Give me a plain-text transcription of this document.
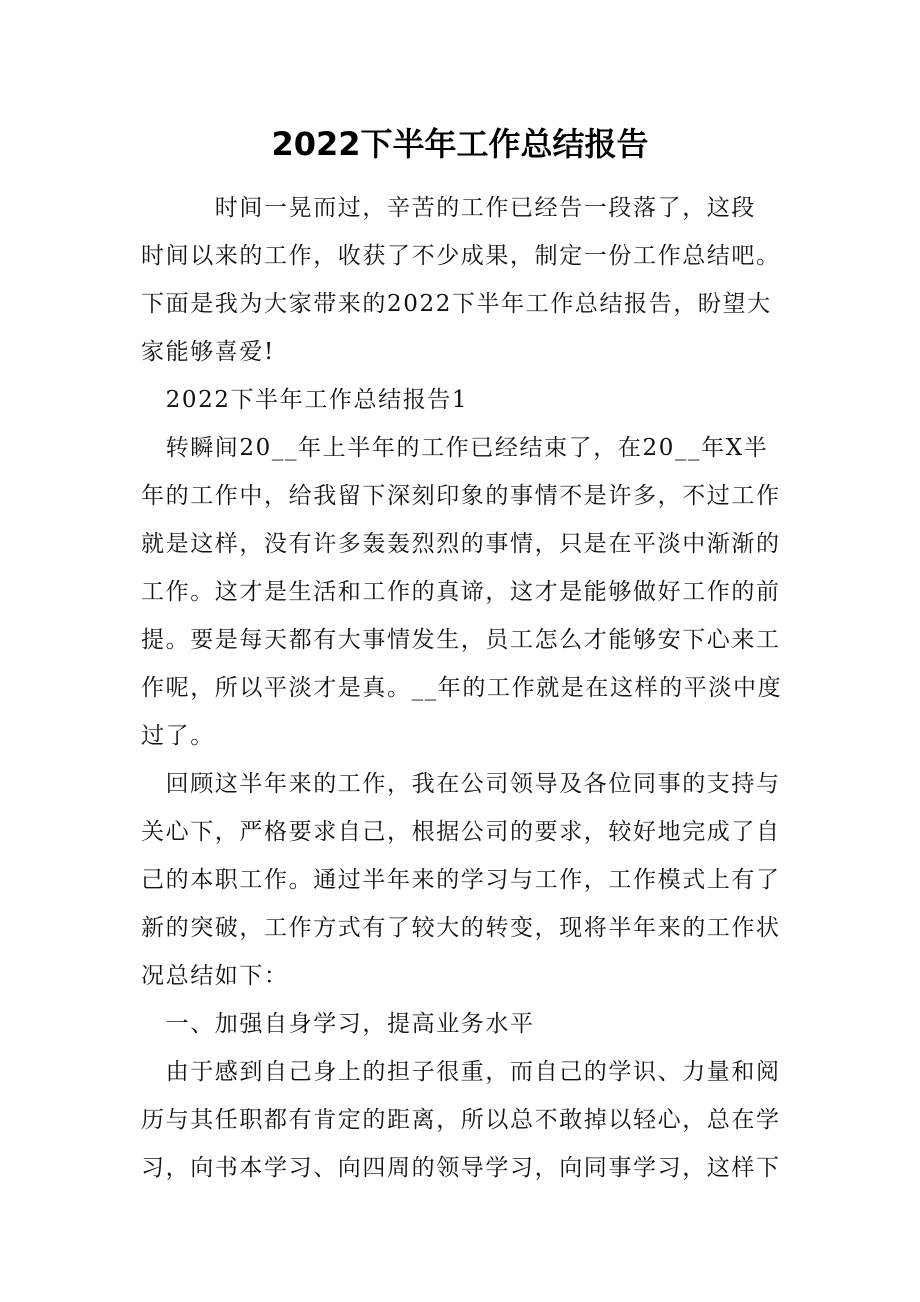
2022下半年工作总结报告
　　　时间一晃而过，辛苦的工作已经告一段落了，这段
时间以来的工作，收获了不少成果，制定一份工作总结吧。
下面是我为大家带来的2022下半年工作总结报告，盼望大
家能够喜爱!
　2022下半年工作总结报告1
　转瞬间20__年上半年的工作已经结束了，在20__年X半
年的工作中，给我留下深刻印象的事情不是许多，不过工作
就是这样，没有许多轰轰烈烈的事情，只是在平淡中渐渐的
工作。这才是生活和工作的真谛，这才是能够做好工作的前
提。要是每天都有大事情发生，员工怎么才能够安下心来工
作呢，所以平淡才是真。__年的工作就是在这样的平淡中度
过了。
　回顾这半年来的工作，我在公司领导及各位同事的支持与
关心下，严格要求自己，根据公司的要求，较好地完成了自
己的本职工作。通过半年来的学习与工作，工作模式上有了
新的突破，工作方式有了较大的转变，现将半年来的工作状
况总结如下：
　一、加强自身学习，提高业务水平
　由于感到自己身上的担子很重，而自己的学识、力量和阅
历与其任职都有肯定的距离，所以总不敢掉以轻心，总在学
习，向书本学习、向四周的领导学习，向同事学习，这样下
